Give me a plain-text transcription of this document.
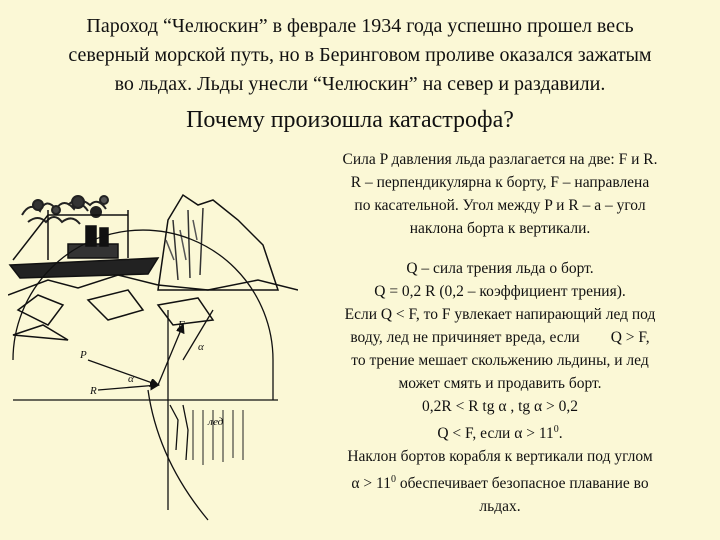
Пароход “Челюскин” в феврале 1934 года успешно прошел весь
северный морской путь, но в Беринговом проливе оказался зажатым
во льдах. Льды унесли “Челюскин” на север и раздавили.
Почему произошла катастрофа?
Сила P давления льда разлагается на две: F и R.
R – перпендикулярна к борту, F – направлена
по касательной. Угол между P и R – a – угол
наклона борта к вертикали.
Q – сила трения льда о борт.
Q = 0,2 R (0,2 – коэффициент трения).
Если Q < F, то F увлекает напирающий лед под
воду, лед не причиняет вреда, если        Q > F,
то трение мешает скольжению льдины, и лед
может смять и продавить борт.
0,2R < R tg α , tg α > 0,2
Q < F, если $\alpha > 11^0$.
Наклон бортов корабля к вертикали под углом
$\alpha > 11^0$ обеспечивает безопасное плавание во
льдах.
P
R
F
α
α
лед
